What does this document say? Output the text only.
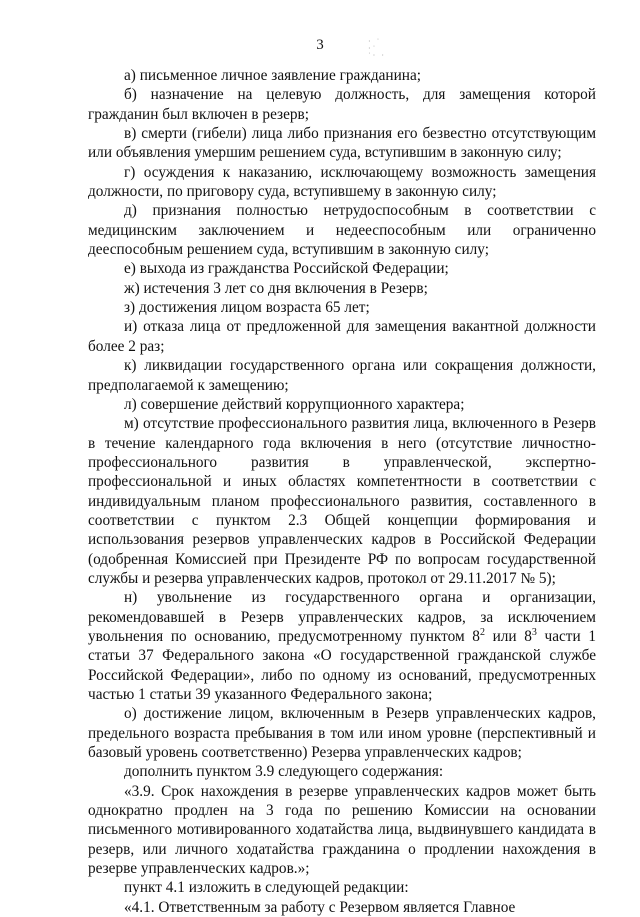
3	· ˙ ·˙
˙· ·

а) письменное личное заявление гражданина;

б) назначение на целевую должность, для замещения которой гражданин был включен в резерв;

в) смерти (гибели) лица либо признания его безвестно отсутствующим или объявления умершим решением суда, вступившим в законную силу;

г) осуждения к наказанию, исключающему возможность замещения должности, по приговору суда, вступившему в законную силу;

д) признания полностью нетрудоспособным в соответствии с медицинским заключением и недееспособным или ограниченно дееспособным решением суда, вступившим в законную силу;

е) выхода из гражданства Российской Федерации;

ж) истечения 3 лет со дня включения в Резерв;

з) достижения лицом возраста 65 лет;

и) отказа лица от предложенной для замещения вакантной должности более 2 раз;

к) ликвидации государственного органа или сокращения должности, предполагаемой к замещению;

л) совершение действий коррупционного характера;

м) отсутствие профессионального развития лица, включенного в Резерв в течение календарного года включения в него (отсутствие личностно-профессионального развития в управленческой, экспертно-профессиональной и иных областях компетентности в соответствии с индивидуальным планом профессионального развития, составленного в соответствии с пунктом 2.3 Общей концепции формирования и использования резервов управленческих кадров в Российской Федерации (одобренная Комиссией при Президенте РФ по вопросам государственной службы и резерва управленческих кадров, протокол от 29.11.2017 № 5);

н) увольнение из государственного органа и организации, рекомендовавшей в Резерв управленческих кадров, за исключением увольнения по основанию, предусмотренному пунктом $8^2$ или $8^3$ части 1 статьи 37 Федерального закона «О государственной гражданской службе Российской Федерации», либо по одному из оснований, предусмотренных частью 1 статьи 39 указанного Федерального закона;

о) достижение лицом, включенным в Резерв управленческих кадров, предельного возраста пребывания в том или ином уровне (перспективный и базовый уровень соответственно) Резерва управленческих кадров;

дополнить пунктом 3.9 следующего содержания:

«3.9. Срок нахождения в резерве управленческих кадров может быть однократно продлен на 3 года по решению Комиссии на основании письменного мотивированного ходатайства лица, выдвинувшего кандидата в резерв, или личного ходатайства гражданина о продлении нахождения в резерве управленческих кадров.»;

пункт 4.1 изложить в следующей редакции:

«4.1. Ответственным за работу с Резервом является Главное
